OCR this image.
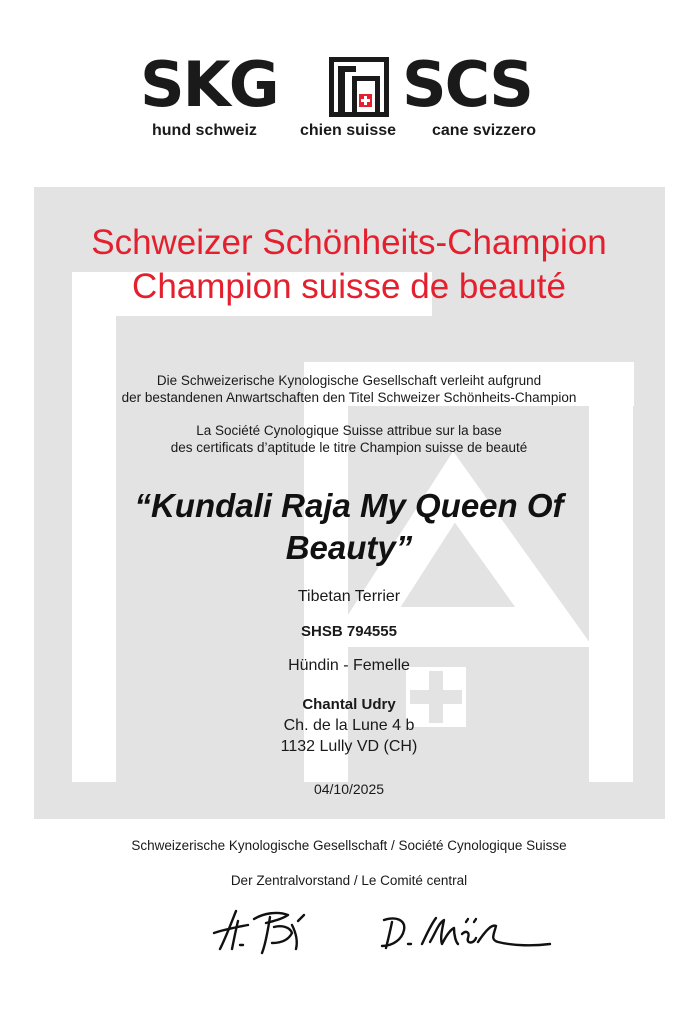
SKG SCS
hund schweiz	chien suisse cane svizzero
Schweizer Schönheits-Champion
Champion suisse de beauté
Die Schweizerische Kynologische Gesellschaft verleiht aufgrund
der bestandenen Anwartschaften den Titel Schweizer Schönheits-Champion
La Société Cynologique Suisse attribue sur la base
des certificats d’aptitude le titre Champion suisse de beauté
“Kundali Raja My Queen Of
Beauty”
Tibetan Terrier
SHSB 794555
Hündin - Femelle
Chantal Udry
Ch. de la Lune 4 b
1132 Lully VD (CH)
04/10/2025
Schweizerische Kynologische Gesellschaft / Société Cynologique Suisse
Der Zentralvorstand / Le Comité central
